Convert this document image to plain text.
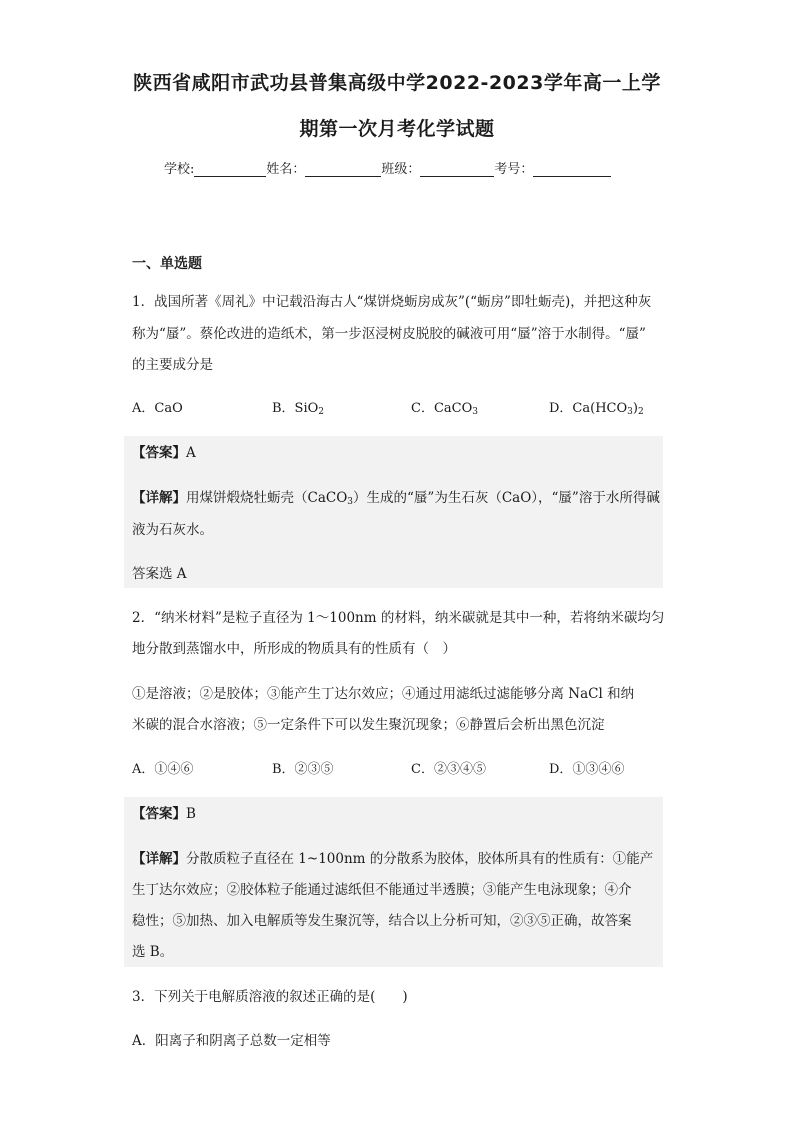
陕西省咸阳市武功县普集高级中学2022-2023学年高一上学
期第一次月考化学试题
学校:	姓名：	班级：	考号：
一、单选题
1．战国所著《周礼》中记载沿海古人“煤饼烧蛎房成灰”(“蛎房”即牡蛎壳)，并把这种灰
称为“蜃”。蔡伦改进的造纸术，第一步沤浸树皮脱胶的碱液可用“蜃”溶于水制得。“蜃”
的主要成分是
A．CaO	B．SiO$_2$	C．CaCO$_3$	D．$Ca(HCO_3)_2$
【答案】A
【详解】用煤饼煅烧牡蛎壳（CaCO$_3$）生成的“蜃”为生石灰（CaO），“蜃”溶于水所得碱
液为石灰水。
答案选 A
2．“纳米材料”是粒子直径为 1～100nm 的材料，纳米碳就是其中一种，若将纳米碳均匀
地分散到蒸馏水中，所形成的物质具有的性质有（　）
①是溶液；②是胶体；③能产生丁达尔效应；④通过用滤纸过滤能够分离 NaCl 和纳
米碳的混合水溶液；⑤一定条件下可以发生聚沉现象；⑥静置后会析出黑色沉淀
A．①④⑥	B．②③⑤	C．②③④⑤	D．①③④⑥
【答案】B
【详解】分散质粒子直径在 1~100nm 的分散系为胶体，胶体所具有的性质有：①能产
生丁达尔效应；②胶体粒子能通过滤纸但不能通过半透膜；③能产生电泳现象；④介
稳性；⑤加热、加入电解质等发生聚沉等，结合以上分析可知，②③⑤正确，故答案
选 B。
3．下列关于电解质溶液的叙述正确的是(　　)
A．阳离子和阴离子总数一定相等
